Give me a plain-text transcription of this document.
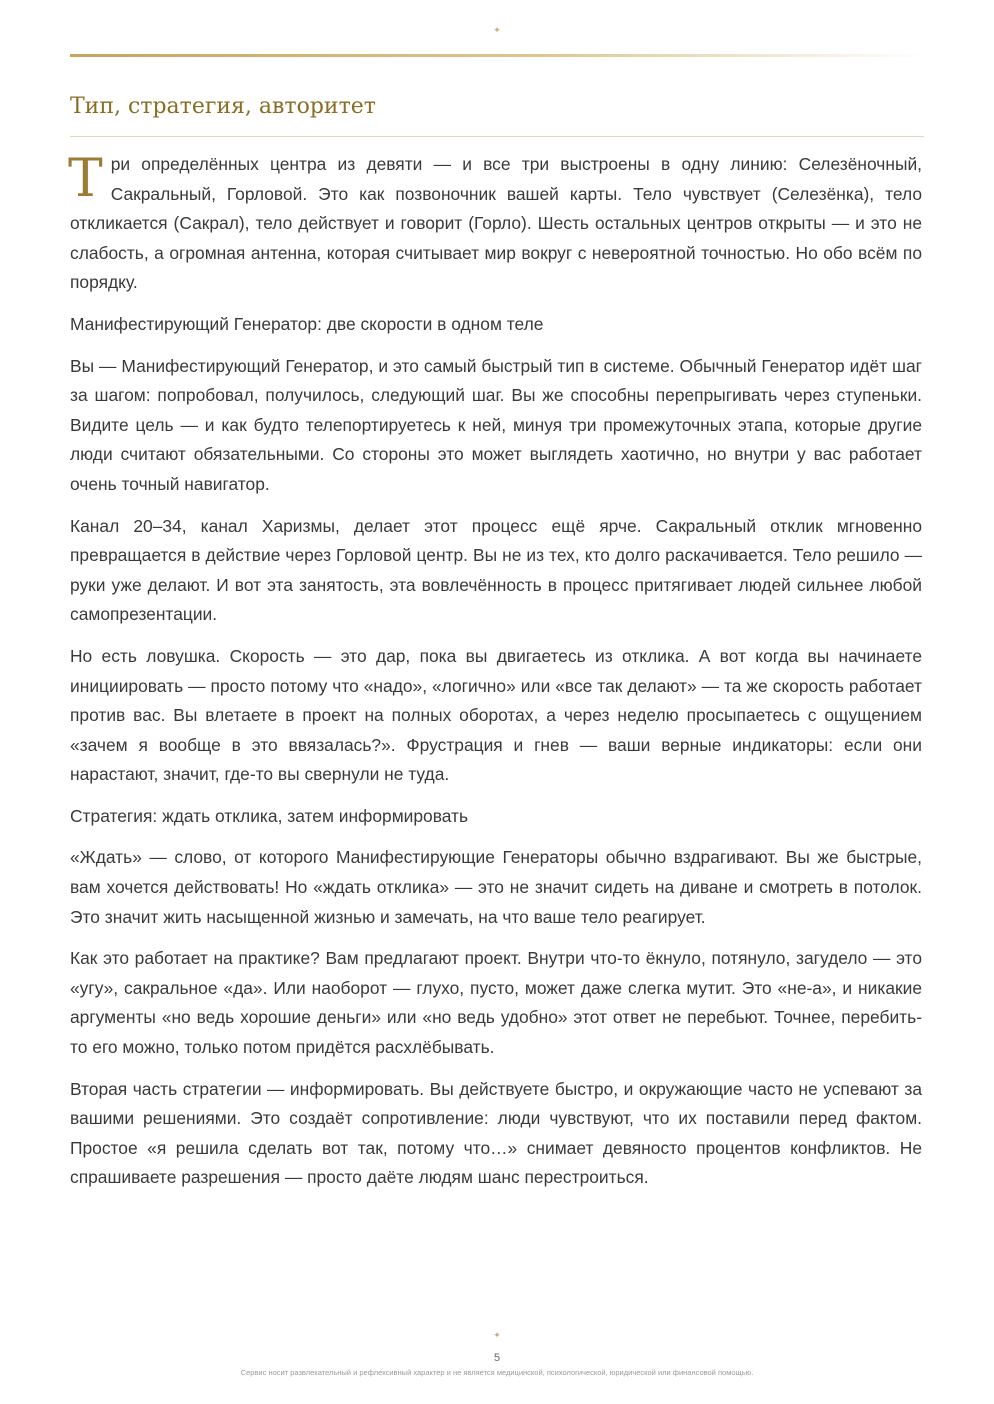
✦
Тип, стратегия, авторитет

Три определённых центра из девяти — и все три выстроены в одну линию: Селезёночный, Сакральный, Горловой. Это как позвоночник вашей карты. Тело чувствует (Селезёнка), тело откликается (Сакрал), тело действует и говорит (Горло). Шесть остальных центров открыты — и это не слабость, а огромная антенна, которая считывает мир вокруг с невероятной точностью. Но обо всём по порядку.

Манифестирующий Генератор: две скорости в одном теле

Вы — Манифестирующий Генератор, и это самый быстрый тип в системе. Обычный Генератор идёт шаг за шагом: попробовал, получилось, следующий шаг. Вы же способны перепрыгивать через ступеньки. Видите цель — и как будто телепортируетесь к ней, минуя три промежуточных этапа, которые другие люди считают обязательными. Со стороны это может выглядеть хаотично, но внутри у вас работает очень точный навигатор.

Канал 20–34, канал Харизмы, делает этот процесс ещё ярче. Сакральный отклик мгновенно превращается в действие через Горловой центр. Вы не из тех, кто долго раскачивается. Тело решило — руки уже делают. И вот эта занятость, эта вовлечённость в процесс притягивает людей сильнее любой самопрезентации.

Но есть ловушка. Скорость — это дар, пока вы двигаетесь из отклика. А вот когда вы начинаете инициировать — просто потому что «надо», «логично» или «все так делают» — та же скорость работает против вас. Вы влетаете в проект на полных оборотах, а через неделю просыпаетесь с ощущением «зачем я вообще в это ввязалась?». Фрустрация и гнев — ваши верные индикаторы: если они нарастают, значит, где-то вы свернули не туда.

Стратегия: ждать отклика, затем информировать

«Ждать» — слово, от которого Манифестирующие Генераторы обычно вздрагивают. Вы же быстрые, вам хочется действовать! Но «ждать отклика» — это не значит сидеть на диване и смотреть в потолок. Это значит жить насыщенной жизнью и замечать, на что ваше тело реагирует.

Как это работает на практике? Вам предлагают проект. Внутри что-то ёкнуло, потянуло, загудело — это «угу», сакральное «да». Или наоборот — глухо, пусто, может даже слегка мутит. Это «не-а», и никакие аргументы «но ведь хорошие деньги» или «но ведь удобно» этот ответ не перебьют. Точнее, перебить-то его можно, только потом придётся расхлёбывать.

Вторая часть стратегии — информировать. Вы действуете быстро, и окружающие часто не успевают за вашими решениями. Это создаёт сопротивление: люди чувствуют, что их поставили перед фактом. Простое «я решила сделать вот так, потому что…» снимает девяносто процентов конфликтов. Не спрашиваете разрешения — просто даёте людям шанс перестроиться.

✦
5
Сервис носит развлекательный и рефлексивный характер и не является медицинской, психологической, юридической или финансовой помощью.
